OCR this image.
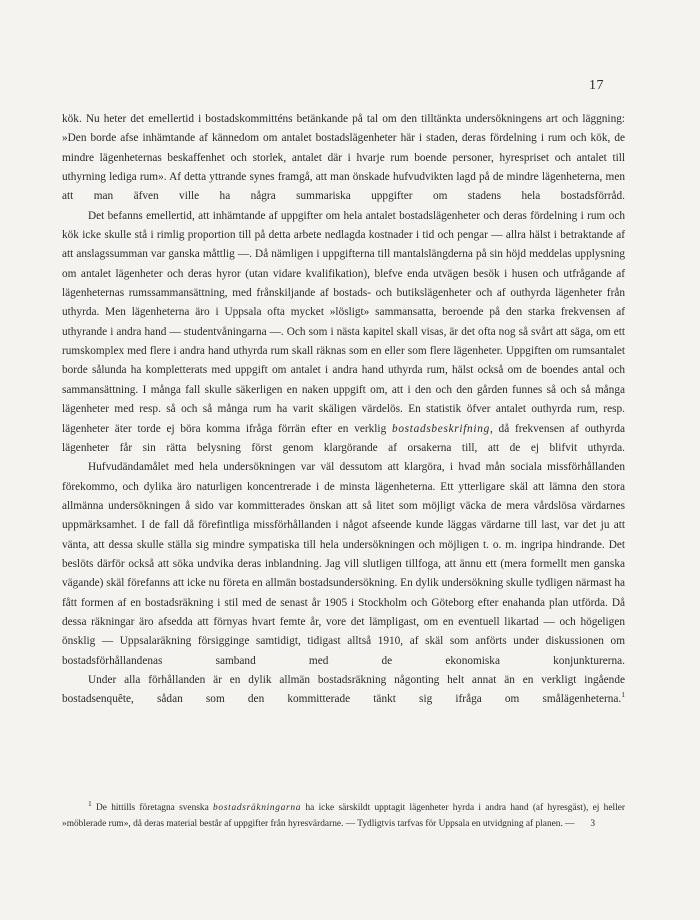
17

kök. Nu heter det emellertid i bostadskommitténs betänkande på tal om den tilltänkta undersökningens art och läggning: »Den borde afse inhämtande af kännedom om antalet bostadslägenheter här i staden, deras fördelning i rum och kök, de mindre lägenheternas beskaffenhet och storlek, antalet där i hvarje rum boende personer, hyrespriset och antalet till uthyrning lediga rum». Af detta yttrande synes framgå, att man önskade hufvudvikten lagd på de mindre lägenheterna, men att man äfven ville ha några summariska uppgifter om stadens hela bostadsförråd.

Det befanns emellertid, att inhämtande af uppgifter om hela antalet bostadslägenheter och deras fördelning i rum och kök icke skulle stå i rimlig proportion till på detta arbete nedlagda kostnader i tid och pengar — allra hälst i betraktande af att anslagssumman var ganska måttlig —. Då nämligen i uppgifterna till mantalslängderna på sin höjd meddelas upplysning om antalet lägenheter och deras hyror (utan vidare kvalifikation), blefve enda utvägen besök i husen och utfrågande af lägenheternas rumssammansättning, med frånskiljande af bostads- och butikslägenheter och af outhyrda lägenheter från uthyrda. Men lägenheterna äro i Uppsala ofta mycket »lösligt» sammansatta, beroende på den starka frekvensen af uthyrande i andra hand — studentvåningarna —. Och som i nästa kapitel skall visas, är det ofta nog så svårt att säga, om ett rumskomplex med flere i andra hand uthyrda rum skall räknas som en eller som flere lägenheter. Uppgiften om rumsantalet borde sålunda ha kompletterats med uppgift om antalet i andra hand uthyrda rum, hälst också om de boendes antal och sammansättning. I många fall skulle säkerligen en naken uppgift om, att i den och den gården funnes så och så många lägenheter med resp. så och så många rum ha varit skäligen värdelös. En statistik öfver antalet outhyrda rum, resp. lägenheter äter torde ej böra komma ifråga förrän efter en verklig bostadsbeskrifning, då frekvensen af outhyrda lägenheter får sin rätta belysning först genom klargörande af orsakerna till, att de ej blifvit uthyrda.

Hufvudändamålet med hela undersökningen var väl dessutom att klargöra, i hvad mån sociala missförhållanden förekommo, och dylika äro naturligen koncentrerade i de minsta lägenheterna. Ett ytterligare skäl att lämna den stora allmänna undersökningen å sido var kommitterades önskan att så litet som möjligt väcka de mera vårdslösa värdarnes uppmärksamhet. I de fall då förefintliga missförhållanden i något afseende kunde läggas värdarne till last, var det ju att vänta, att dessa skulle ställa sig mindre sympatiska till hela undersökningen och möjligen t. o. m. ingripa hindrande. Det beslöts därför också att söka undvika deras inblandning. Jag vill slutligen tillfoga, att ännu ett (mera formellt men ganska vägande) skäl förefanns att icke nu företa en allmän bostadsundersökning. En dylik undersökning skulle tydligen närmast ha fått formen af en bostadsräkning i stil med de senast år 1905 i Stockholm och Göteborg efter enahanda plan utförda. Då dessa räkningar äro afsedda att förnyas hvart femte år, vore det lämpligast, om en eventuell likartad — och högeligen önsklig — Uppsalaräkning försigginge samtidigt, tidigast alltså 1910, af skäl som anförts under diskussionen om bostadsförhållandenas samband med de ekonomiska konjunkturerna.

Under alla förhållanden är en dylik allmän bostadsräkning någonting helt annat än en verkligt ingående bostadsenquête, sådan som den kommitterade tänkt sig ifråga om smålägenheterna.$^1$

$^1$ De hittills företagna svenska bostadsräkningarna ha icke särskildt upptagit lägenheter hyrda i andra hand (af hyresgäst), ej heller »möblerade rum», då deras material består af uppgifter från hyresvärdarne. — Tydligtvis tarfvas för Uppsala en utvidgning af planen. —	3
